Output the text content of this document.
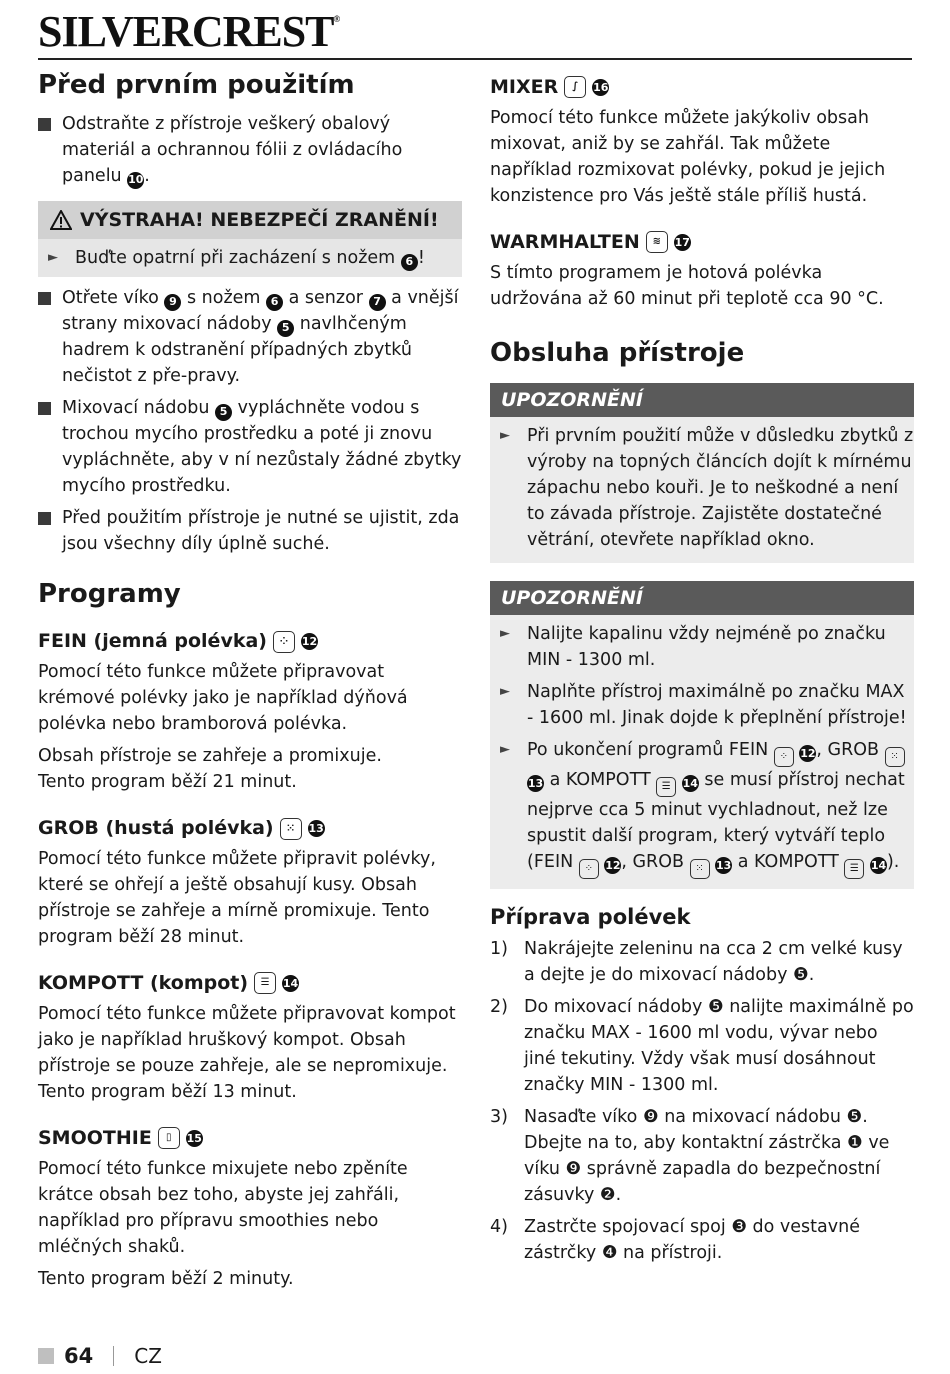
SILVERCREST®
Před prvním použitím
Odstraňte z přístroje veškerý obalový materiál a ochrannou fólii z ovládacího panelu 10.
VÝSTRAHA! NEBEZPEČÍ ZRANĚNÍ!
► Buďte opatrní při zacházení s nožem 6 !
Otřete víko 9 s nožem 6 a senzor 7 a vnější strany mixovací nádoby 5 navlhčeným hadrem k odstranění případných zbytků nečistot z pře-pravy.
Mixovací nádobu 5 vypláchněte vodou s trochou mycího prostředku a poté ji znovu vypláchněte, aby v ní nezůstaly žádné zbytky mycího prostředku.
Před použitím přístroje je nutné se ujistit, zda jsou všechny díly úplně suché.
Programy
FEIN (jemná polévka)	⁘	12

Pomocí této funkce můžete připravovat krémové polévky jako je například dýňová polévka nebo bramborová polévka.

Obsah přístroje se zahřeje a promixuje.

Tento program běží 21 minut.

GROB (hustá polévka)	⁙	13

Pomocí této funkce můžete připravit polévky, které se ohřejí a ještě obsahují kusy. Obsah přístroje se zahřeje a mírně promixuje. Tento program běží 28 minut.

KOMPOTT (kompot)	☰	14

Pomocí této funkce můžete připravovat kompot jako je například hruškový kompot. Obsah přístroje se pouze zahřeje, ale se nepromixuje. Tento program běží 13 minut.

SMOOTHIE	▯	15

Pomocí této funkce mixujete nebo zpěníte krátce obsah bez toho, abyste jej zahřáli, například pro přípravu smoothies nebo mléčných shaků.

Tento program běží 2 minuty.

MIXER	∫	16

Pomocí této funkce můžete jakýkoliv obsah mixovat, aniž by se zahřál. Tak můžete například rozmixovat polévky, pokud je jejich konzistence pro Vás ještě stále příliš hustá.

WARMHALTEN	≋	17

S tímto programem je hotová polévka udržována až 60 minut při teplotě cca 90 °C.

Obsluha přístroje
UPOZORNĚNÍ
► Při prvním použití může v důsledku zbytků z výroby na topných článcích dojít k mírnému zápachu nebo kouři. Je to neškodné a není to závada přístroje. Zajistěte dostatečné větrání, otevřete například okno.
UPOZORNĚNÍ
► Nalijte kapalinu vždy nejméně po značku MIN - 1300 ml.
► Naplňte přístroj maximálně po značku MAX - 1600 ml. Jinak dojde k přeplnění přístroje!
► Po ukončení programů FEIN ⁘ 12, GROB ⁙ 13 a KOMPOTT ☰ 14 se musí přístroj nechat nejprve cca 5 minut vychladnout, než lze spustit další program, který vytváří teplo (FEIN ⁘ 12, GROB ⁙ 13 a KOMPOTT ☰ 14).
Příprava polévek
1) Nakrájejte zeleninu na cca 2 cm velké kusy a dejte je do mixovací nádoby ❺.
2) Do mixovací nádoby ❺ nalijte maximálně po značku MAX - 1600 ml vodu, vývar nebo jiné tekutiny. Vždy však musí dosáhnout značky MIN - 1300 ml.
3) Nasaďte víko ❾ na mixovací nádobu ❺. Dbejte na to, aby kontaktní zástrčka ❶ ve víku ❾ správně zapadla do bezpečnostní zásuvky ❷.
4) Zastrčte spojovací spoj ❸ do vestavné zástrčky ❹ na přístroji.
64 CZ
